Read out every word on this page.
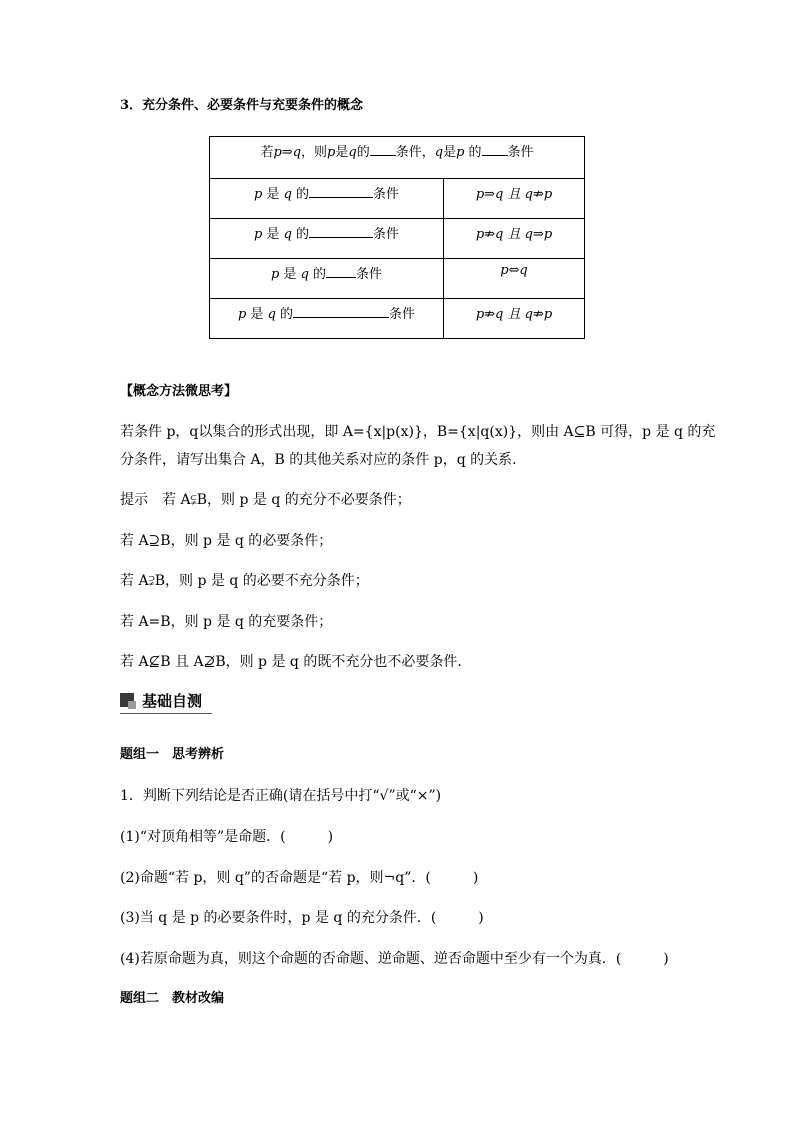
3．充分条件、必要条件与充要条件的概念
若p⇒q，则p是q的 条件，q是p 的 条件	
p 是 q 的 条件	p⇒q 且 q⇏p
p 是 q 的 条件	p⇏q 且 q⇒p
p 是 q 的 条件	p⇔q
p 是 q 的 条件	p⇏q 且 q⇏p
【概念方法微思考】
若条件 p，q以集合的形式出现，即 A={x|p(x)}，B={x|q(x)}，则由 A⊆B 可得，p 是 q 的充
分条件，请写出集合 A，B 的其他关系对应的条件 p，q 的关系．
提示　若 A⫋B，则 p 是 q 的充分不必要条件；
若 A⊇B，则 p 是 q 的必要条件；
若 A⫌B，则 p 是 q 的必要不充分条件；
若 A=B，则 p 是 q 的充要条件；
若 A⊈B 且 A⊉B，则 p 是 q 的既不充分也不必要条件．
基础自测
题组一　思考辨析
1．判断下列结论是否正确(请在括号中打“√”或“×”)
(1)“对顶角相等”是命题．(　　　)
(2)命题“若 p，则 q”的否命题是“若 p，则¬q”．(　　　)
(3)当 q 是 p 的必要条件时，p 是 q 的充分条件．(　　　)
(4)若原命题为真，则这个命题的否命题、逆命题、逆否命题中至少有一个为真．(　　　)
题组二　教材改编
